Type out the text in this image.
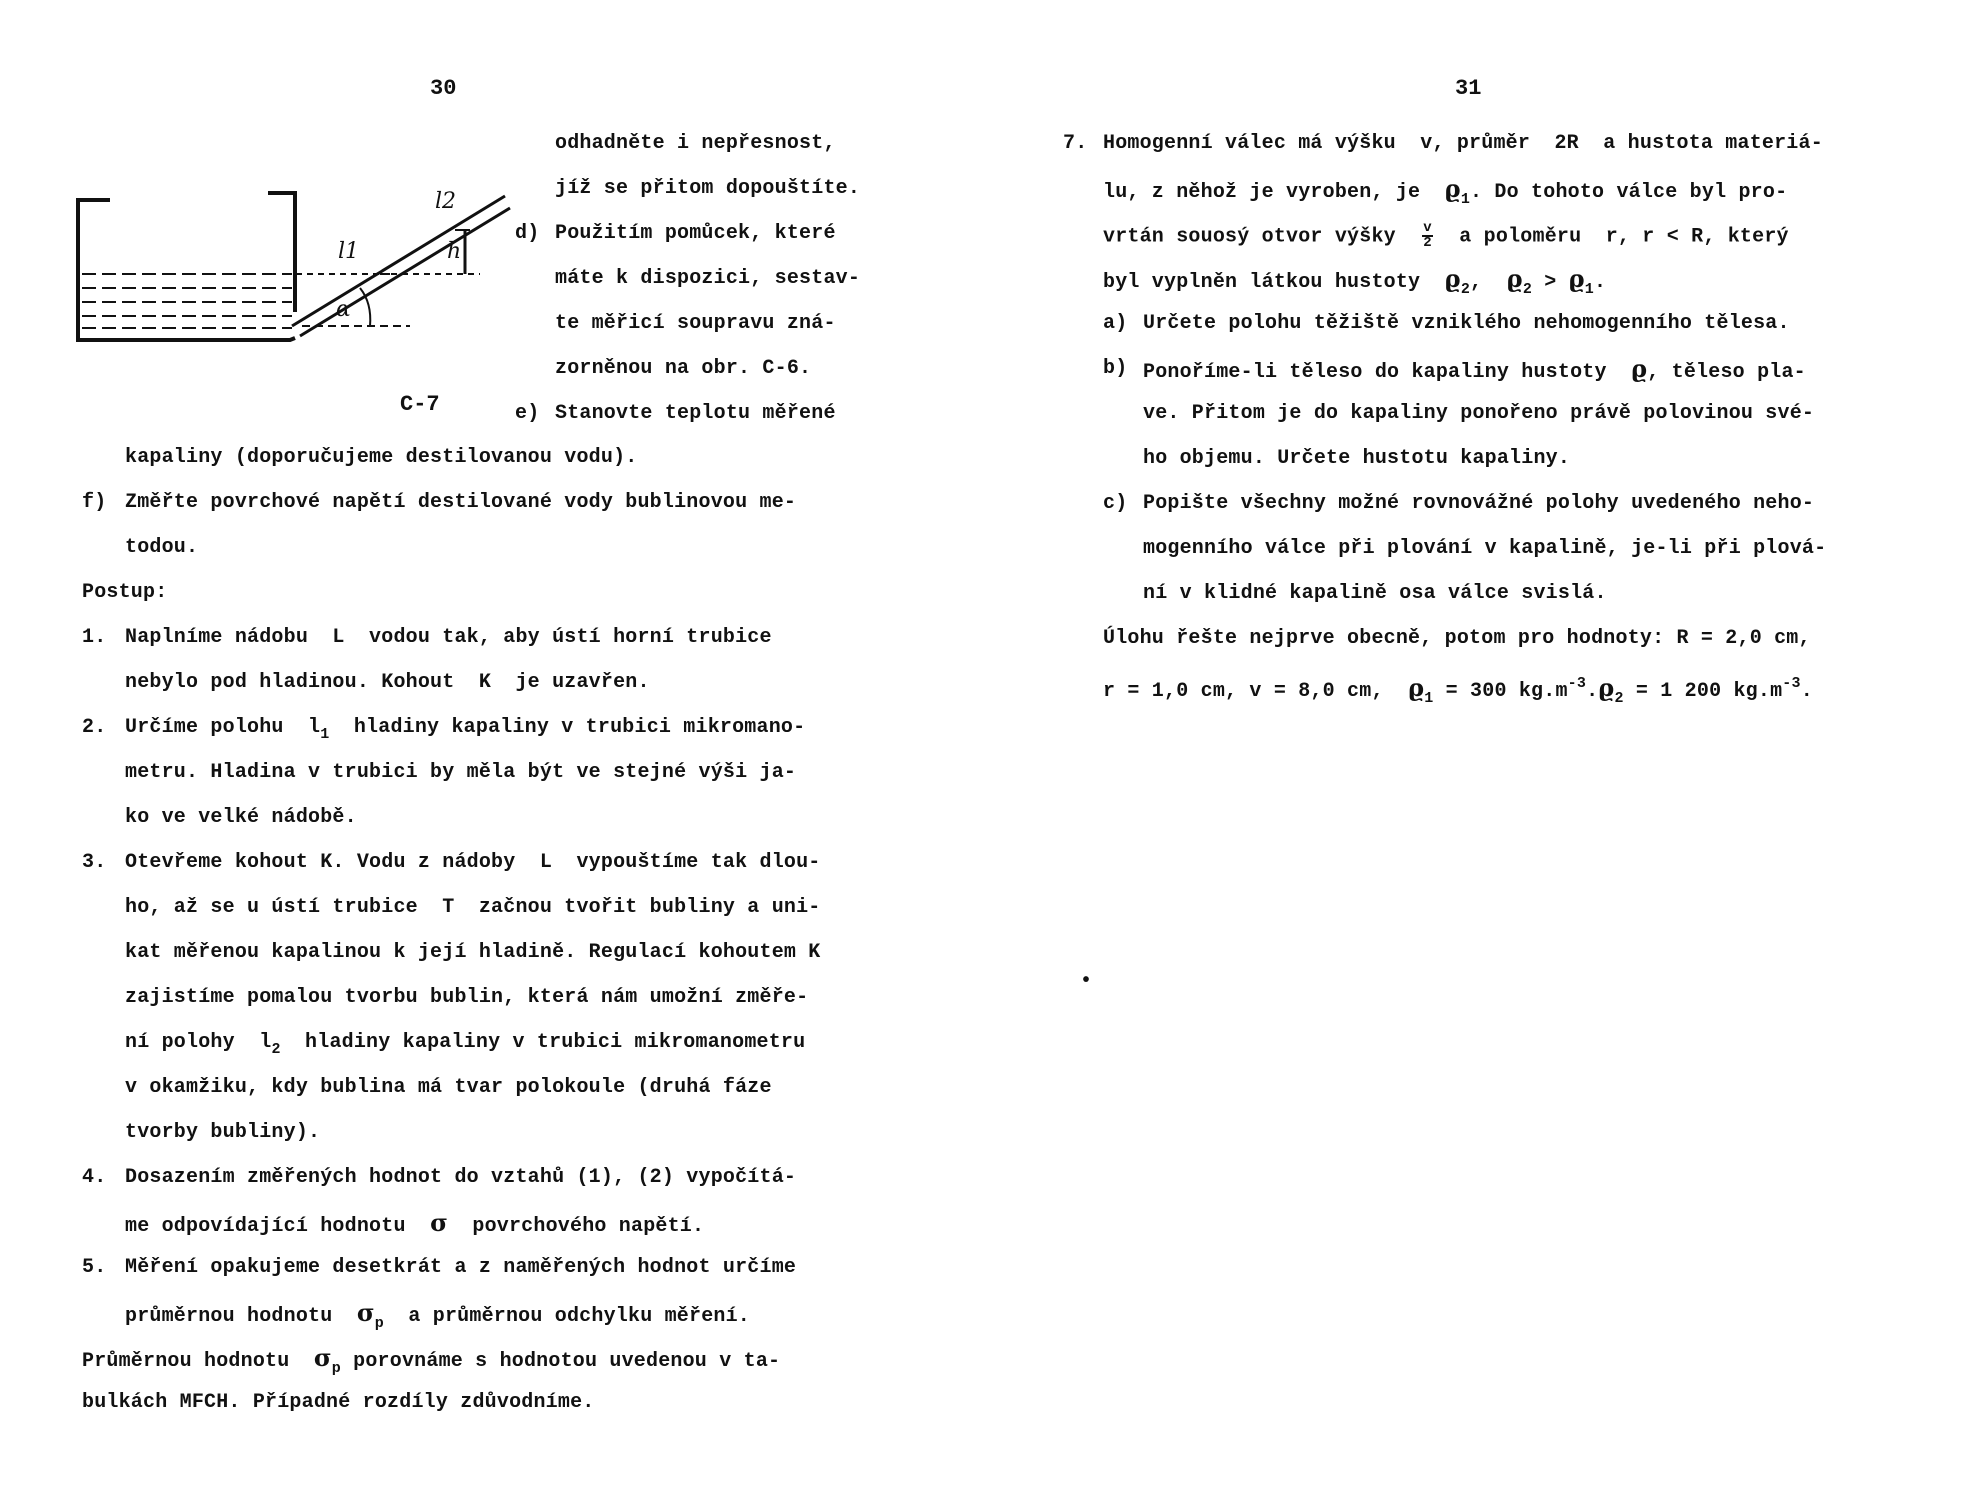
30
l1
l2
h
α
C-7
odhadněte i nepřesnost,
jíž se přitom dopouštíte.
d) Použitím pomůcek, které
máte k dispozici, sestav-
te měřicí soupravu zná-
zorněnou na obr. C-6.
e) Stanovte teplotu měřené
kapaliny (doporučujeme destilovanou vodu).
f) Změřte povrchové napětí destilované vody bublinovou me-
todou.
Postup:
1. Naplníme nádobu  L  vodou tak, aby ústí horní trubice
nebylo pod hladinou. Kohout  K  je uzavřen.
2. Určíme polohu  $l_1$  hladiny kapaliny v trubici mikromano-
metru. Hladina v trubici by měla být ve stejné výši ja-
ko ve velké nádobě.
3. Otevřeme kohout K. Vodu z nádoby  L  vypouštíme tak dlou-
ho, až se u ústí trubice  T  začnou tvořit bubliny a uni-
kat měřenou kapalinou k její hladině. Regulací kohoutem K
zajistíme pomalou tvorbu bublin, která nám umožní změře-
ní polohy  $l_2$  hladiny kapaliny v trubici mikromanometru
v okamžiku, kdy bublina má tvar polokoule (druhá fáze
tvorby bubliny).
4. Dosazením změřených hodnot do vztahů (1), (2) vypočítá-
me odpovídající hodnotu  σ  povrchového napětí.
5. Měření opakujeme desetkrát a z naměřených hodnot určíme
průměrnou hodnotu  $\sigma_p$  a průměrnou odchylku měření.
Průměrnou hodnotu  $\sigma_p$ porovnáme s hodnotou uvedenou v ta-
bulkách MFCH. Případné rozdíly zdůvodníme.
31
7. Homogenní válec má výšku  v, průměr  2R  a hustota materiá-
lu, z něhož je vyroben, je  $ϱ_1$. Do tohoto válce byl pro-
vrtán souosý otvor výšky $\frac{v}{2}$ a poloměru  r, r < R, který
byl vyplněn látkou hustoty  $ϱ_2$,  $ϱ_2 > ϱ_1$.
a) Určete polohu těžiště vzniklého nehomogenního tělesa.
b) Ponoříme-li těleso do kapaliny hustoty  ϱ, těleso pla-
ve. Přitom je do kapaliny ponořeno právě polovinou své-
ho objemu. Určete hustotu kapaliny.
c) Popište všechny možné rovnovážné polohy uvedeného neho-
mogenního válce při plování v kapalině, je-li při plová-
ní v klidné kapalině osa válce svislá.
Úlohu řešte nejprve obecně, potom pro hodnoty: R = 2,0 cm,
r = 1,0 cm, v = 8,0 cm,  $ϱ_1 = 300$ $kg.m^{-3}.ϱ_2 = 1$ 200 $kg.m^{-3}$.
•
